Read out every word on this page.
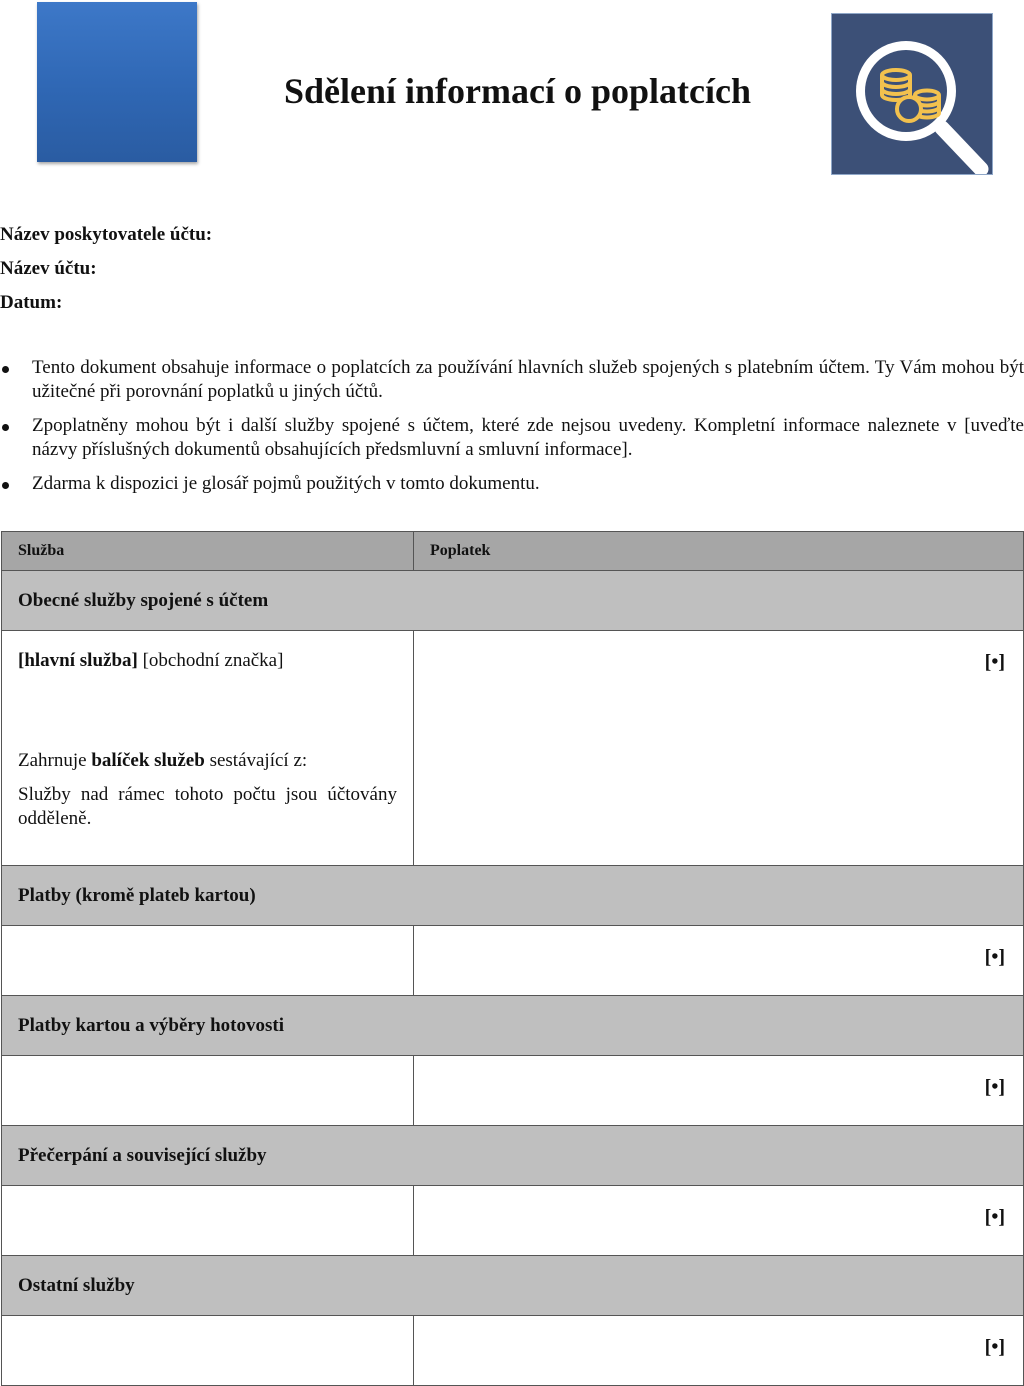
Sdělení informací o poplatcích
Název poskytovatele účtu:
Název účtu:
Datum:
Tento dokument obsahuje informace o poplatcích za používání hlavních služeb spojených s platebním účtem. Ty Vám mohou být užitečné při porovnání poplatků u jiných účtů.
Zpoplatněny mohou být i další služby spojené s účtem, které zde nejsou uvedeny. Kompletní informace naleznete v [uveďte názvy příslušných dokumentů obsahujících předsmluvní a smluvní informace].
Zdarma k dispozici je glosář pojmů použitých v tomto dokumentu.
Služba	Poplatek
Obecné služby spojené s účtem	

[hlavní služba] [obchodní značka]

Zahrnuje balíček služeb sestávající z:

Služby nad rámec tohoto počtu jsou účtovány odděleně.	[•]
Platby (kromě plateb kartou)	
	[•]
Platby kartou a výběry hotovosti	
	[•]
Přečerpání a související služby	
	[•]
Ostatní služby	
	[•]
